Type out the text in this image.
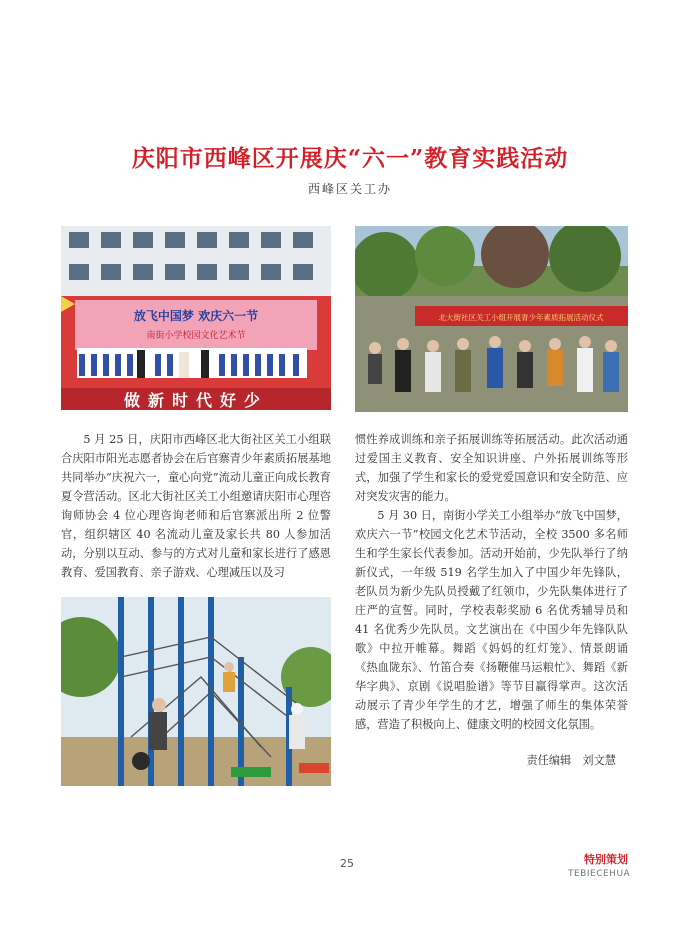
庆阳市西峰区开展庆“六一”教育实践活动
西峰区关工办
放飞中国梦 欢庆六一节
南街小学校园文化艺术节
做新时代好少
北大街社区关工小组开展青少年素质拓展活动仪式

5 月 25 日，庆阳市西峰区北大街社区关工小组联合庆阳市阳光志愿者协会在后官寨青少年素质拓展基地共同举办“庆祝六一，童心向党”流动儿童正向成长教育夏令营活动。区北大街社区关工小组邀请庆阳市心理咨询师协会 4 位心理咨询老师和后官寨派出所 2 位警官，组织辖区 40 名流动儿童及家长共 80 人参加活动，分别以互动、参与的方式对儿童和家长进行了感恩教育、爱国教育、亲子游戏、心理减压以及习

惯性养成训练和亲子拓展训练等拓展活动。此次活动通过爱国主义教育、安全知识讲座、户外拓展训练等形式，加强了学生和家长的爱党爱国意识和安全防范、应对突发灾害的能力。

5 月 30 日，南街小学关工小组举办“放飞中国梦，欢庆六一节”校园文化艺术节活动，全校 3500 多名师生和学生家长代表参加。活动开始前，少先队举行了纳新仪式，一年级 519 名学生加入了中国少年先锋队，老队员为新少先队员授戴了红领巾，少先队集体进行了庄严的宣誓。同时，学校表彰奖励 6 名优秀辅导员和 41 名优秀少先队员。文艺演出在《中国少年先锋队队歌》中拉开帷幕。舞蹈《妈妈的红灯笼》、情景朗诵《热血陇东》、竹笛合奏《扬鞭催马运粮忙》、舞蹈《新华字典》、京剧《说唱脸谱》等节目赢得掌声。这次活动展示了青少年学生的才艺，增强了师生的集体荣誉感，营造了积极向上、健康文明的校园文化氛围。

责任编辑　刘文慧
25	特别策划
TEBIECEHUA
